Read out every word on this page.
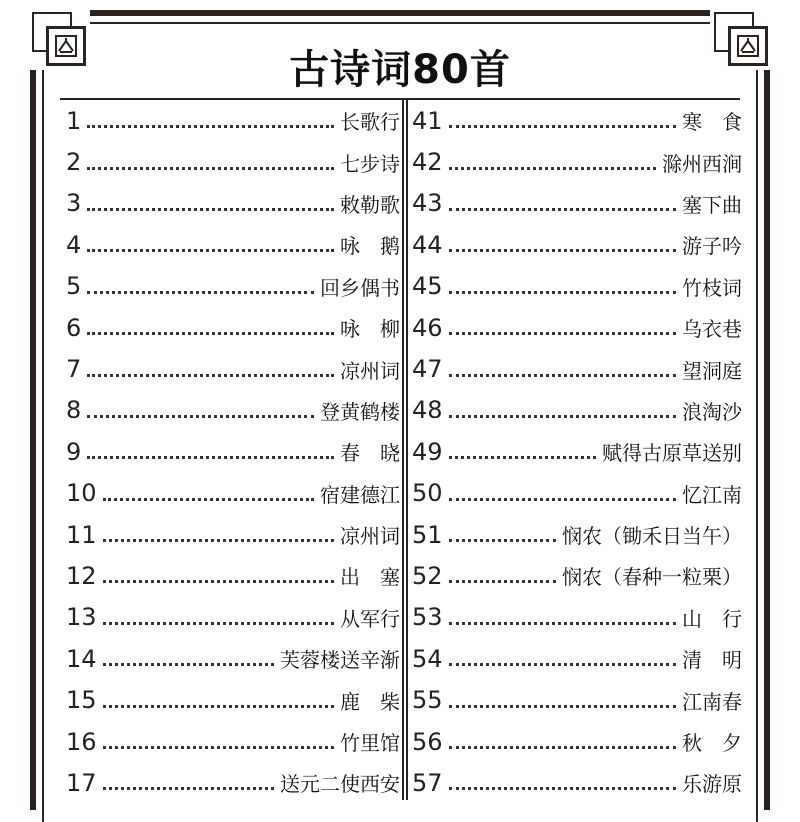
古诗词80首
1	长歌行
2	七步诗
3	敕勒歌
4	咏　鹅
5	回乡偶书
6	咏　柳
7	凉州词
8	登黄鹤楼
9	春　晓
10	宿建德江
11	凉州词
12	出　塞
13	从军行
14	芙蓉楼送辛渐
15	鹿　柴
16	竹里馆
17	送元二使西安
41	寒　食
42	滁州西涧
43	塞下曲
44	游子吟
45	竹枝词
46	乌衣巷
47	望洞庭
48	浪淘沙
49	赋得古原草送别
50	忆江南
51	悯农（锄禾日当午）
52	悯农（春种一粒栗）
53	山　行
54	清　明
55	江南春
56	秋　夕
57	乐游原
